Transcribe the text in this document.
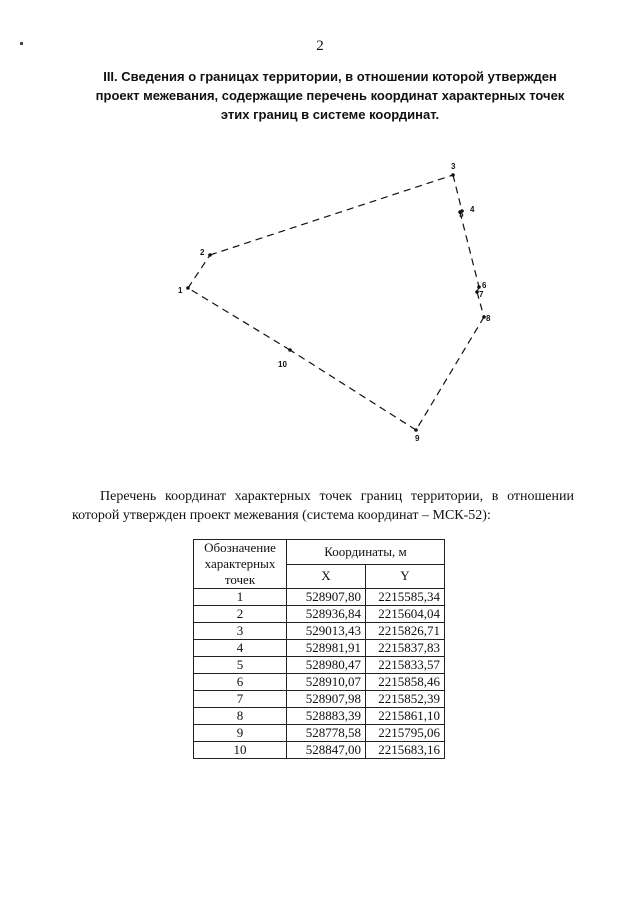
2
III. Сведения о границах территории, в отношении которой утвержден
проект межевания, содержащие перечень координат характерных точек
этих границ в системе координат.
1
2
3
4
5
6
7
8
9
10
Перечень координат характерных точек границ территории, в отношении которой утвержден проект межевания (система координат – МСК-52):
Обозначение характерных точек	Координаты, м	
	X	Y
1	528907,80	2215585,34
2	528936,84	2215604,04
3	529013,43	2215826,71
4	528981,91	2215837,83
5	528980,47	2215833,57
6	528910,07	2215858,46
7	528907,98	2215852,39
8	528883,39	2215861,10
9	528778,58	2215795,06
10	528847,00	2215683,16
